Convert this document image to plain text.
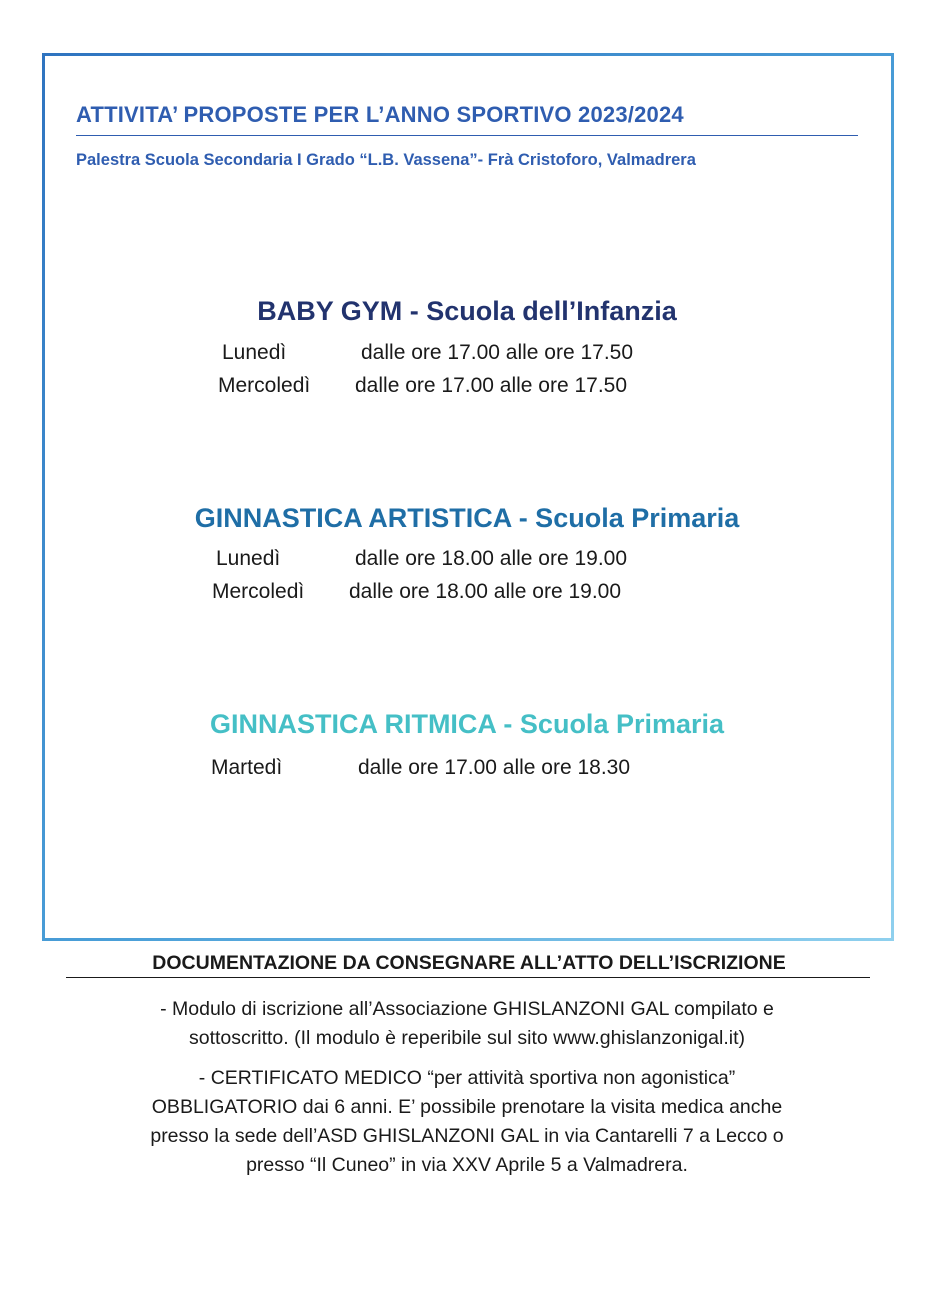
ATTIVITA’ PROPOSTE PER L’ANNO SPORTIVO 2023/2024
Palestra Scuola Secondaria I Grado “L.B. Vassena”- Frà Cristoforo, Valmadrera
BABY GYM - Scuola dell’Infanzia
Lunedì	dalle ore 17.00 alle ore 17.50
Mercoledì dalle ore 17.00 alle ore 17.50
GINNASTICA ARTISTICA - Scuola Primaria
Lunedì	dalle ore 18.00 alle ore 19.00
Mercoledì dalle ore 18.00 alle ore 19.00
GINNASTICA RITMICA - Scuola Primaria
Martedì	dalle ore 17.00 alle ore 18.30
DOCUMENTAZIONE DA CONSEGNARE ALL’ATTO DELL’ISCRIZIONE
- Modulo di iscrizione all’Associazione GHISLANZONI GAL compilato e
sottoscritto. (Il modulo è reperibile sul sito www.ghislanzonigal.it)
- CERTIFICATO MEDICO “per attività sportiva non agonistica”
OBBLIGATORIO dai 6 anni. E’ possibile prenotare la visita medica anche
presso la sede dell’ASD GHISLANZONI GAL in via Cantarelli 7 a Lecco o
presso “Il Cuneo” in via XXV Aprile 5 a Valmadrera.
